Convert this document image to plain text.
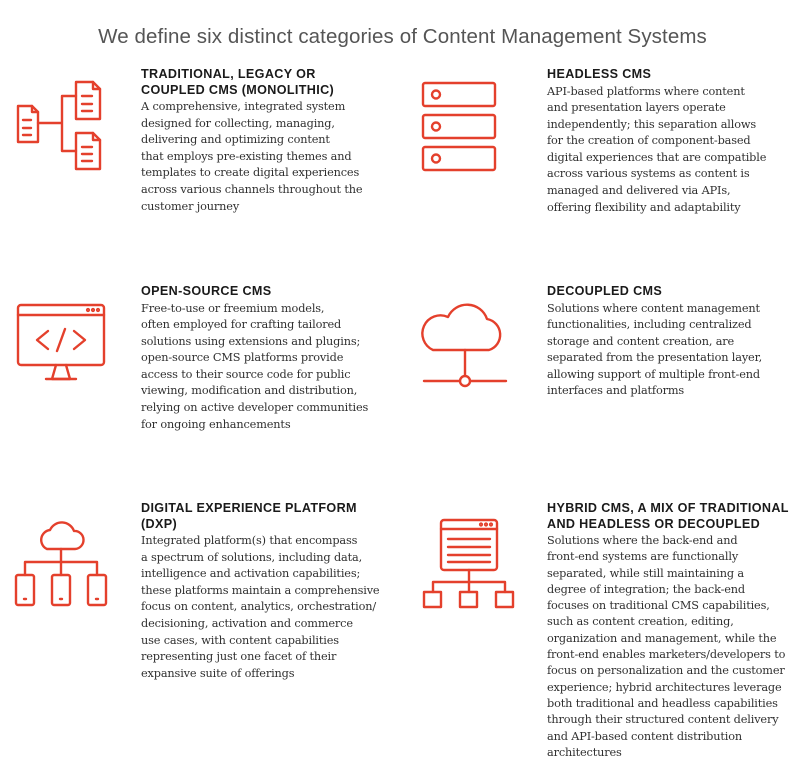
We define six distinct categories of Content Management Systems
TRADITIONAL, LEGACY OR
COUPLED CMS (MONOLITHIC)
A comprehensive, integrated system
designed for collecting, managing,
delivering and optimizing content
that employs pre-existing themes and
templates to create digital experiences
across various channels throughout the
customer journey
HEADLESS CMS
API-based platforms where content
and presentation layers operate
independently; this separation allows
for the creation of component-based
digital experiences that are compatible
across various systems as content is
managed and delivered via APIs,
offering flexibility and adaptability
OPEN-SOURCE CMS
Free-to-use or freemium models,
often employed for crafting tailored
solutions using extensions and plugins;
open-source CMS platforms provide
access to their source code for public
viewing, modification and distribution,
relying on active developer communities
for ongoing enhancements
DECOUPLED CMS
Solutions where content management
functionalities, including centralized
storage and content creation, are
separated from the presentation layer,
allowing support of multiple front-end
interfaces and platforms
DIGITAL EXPERIENCE PLATFORM
(DXP)
Integrated platform(s) that encompass
a spectrum of solutions, including data,
intelligence and activation capabilities;
these platforms maintain a comprehensive
focus on content, analytics, orchestration/
decisioning, activation and commerce
use cases, with content capabilities
representing just one facet of their
expansive suite of offerings
HYBRID CMS, A MIX OF TRADITIONAL
AND HEADLESS OR DECOUPLED
Solutions where the back-end and
front-end systems are functionally
separated, while still maintaining a
degree of integration; the back-end
focuses on traditional CMS capabilities,
such as content creation, editing,
organization and management, while the
front-end enables marketers/developers to
focus on personalization and the customer
experience; hybrid architectures leverage
both traditional and headless capabilities
through their structured content delivery
and API-based content distribution
architectures
